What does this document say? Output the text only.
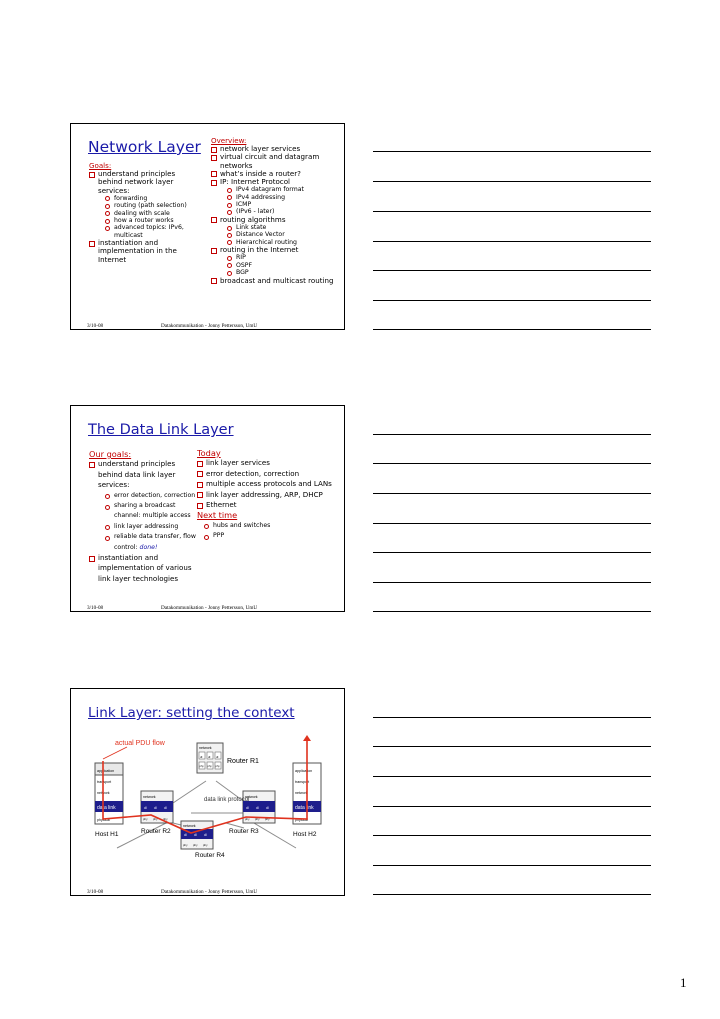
Network Layer
Goals:
understand principles behind network layer services:
forwarding
routing (path selection)
dealing with scale
how a router works
advanced topics: IPv6, multicast
instantiation and implementation in the Internet
Overview:
network layer services
virtual circuit and datagram networks
what’s inside a router?
IP: Internet Protocol
IPv4 datagram format
IPv4 addressing
ICMP
(IPv6 - later)
routing algorithms
Link state
Distance Vector
Hierarchical routing
routing in the Internet
RIP
OSPF
BGP
broadcast and multicast routing
3/10-08	Datakommunikation - Jonny Pettersson, UmU
The Data Link Layer
Our goals:
understand principles behind data link layer services:
error detection, correction
sharing a broadcast channel: multiple access
link layer addressing
reliable data transfer, flow control: done!
instantiation and implementation of various link layer technologies
Today
link layer services
error detection, correction
multiple access protocols and LANs
link layer addressing, ARP, DHCP
Ethernet
Next time
hubs and switches
PPP
3/10-08	Datakommunikation - Jonny Pettersson, UmU
Link Layer: setting the context
application
transport
network
data link
physical
Host H1
application
transport
network
data link
physical
Host H2
network
dl dl dl
phy phy phy
Router R1
network
dl dl dl
phy phy phy
Router R2
network
dl dl dl
phy phy phy
Router R3
network
dl dl dl
phy phy phy
Router R4
data link protocol
actual PDU flow
3/10-08	Datakommunikation - Jonny Pettersson, UmU
1
